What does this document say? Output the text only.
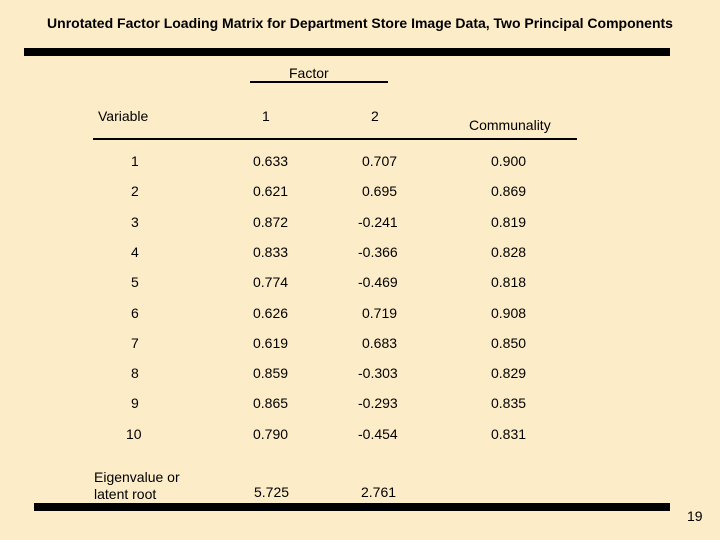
Unrotated Factor Loading Matrix for Department Store Image Data, Two Principal Components
Factor
Variable	1	2
Communality
1	0.633	0.707	0.900
2	0.621	0.695	0.869
3	0.872	-0.241	0.819
4	0.833	-0.366	0.828
5	0.774	-0.469	0.818
6	0.626	0.719	0.908
7	0.619	0.683	0.850
8	0.859	-0.303	0.829
9	0.865	-0.293	0.835
10	0.790	-0.454	0.831
Eigenvalue or
latent root	5.725	2.761
19
